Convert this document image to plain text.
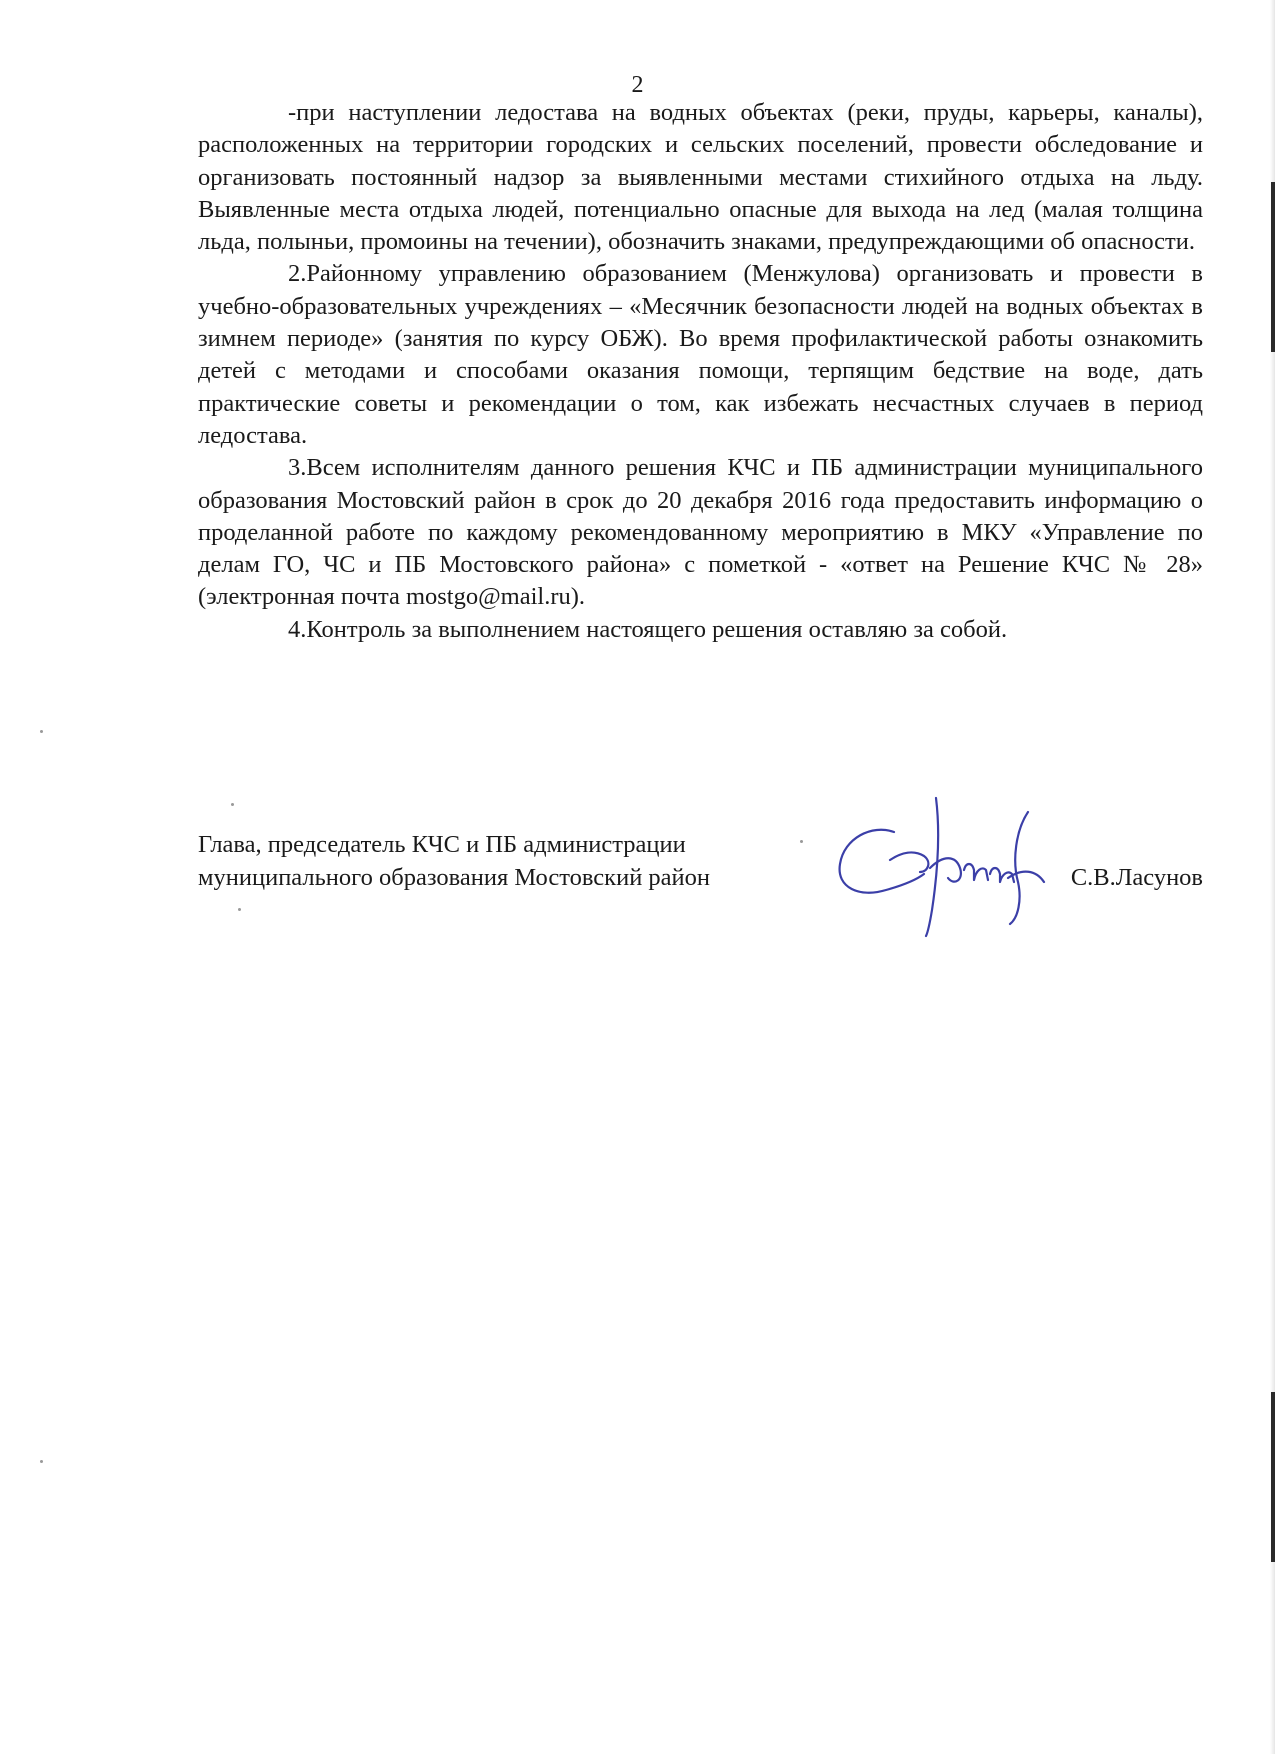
2

-при наступлении ледостава на водных объектах (реки, пруды, карьеры, каналы), расположенных на территории городских и сельских поселений, провести обследование и организовать постоянный надзор за выявленными местами стихийного отдыха на льду. Выявленные места отдыха людей, потенциально опасные для выхода на лед (малая толщина льда, полыньи, промоины на течении), обозначить знаками, предупреждающими об опасности.

2.Районному управлению образованием (Менжулова) организовать и провести в учебно-образовательных учреждениях – «Месячник безопасности людей на водных объектах в зимнем периоде» (занятия по курсу ОБЖ). Во время профилактической работы ознакомить детей с методами и способами оказания помощи, терпящим бедствие на воде, дать практические советы и рекомендации о том, как избежать несчастных случаев в период ледостава.

3.Всем исполнителям данного решения КЧС и ПБ администрации муниципального образования Мостовский район в срок до 20 декабря 2016 года предоставить информацию о проделанной работе по каждому рекомендованному мероприятию в МКУ «Управление по делам ГО, ЧС и ПБ Мостовского района» с пометкой - «ответ на Решение КЧС № 28» (электронная почта mostgo@mail.ru).

4.Контроль за выполнением настоящего решения оставляю за собой.

Глава, председатель КЧС и ПБ администрации
муниципального образования Мостовский район	С.В.Ласунов
